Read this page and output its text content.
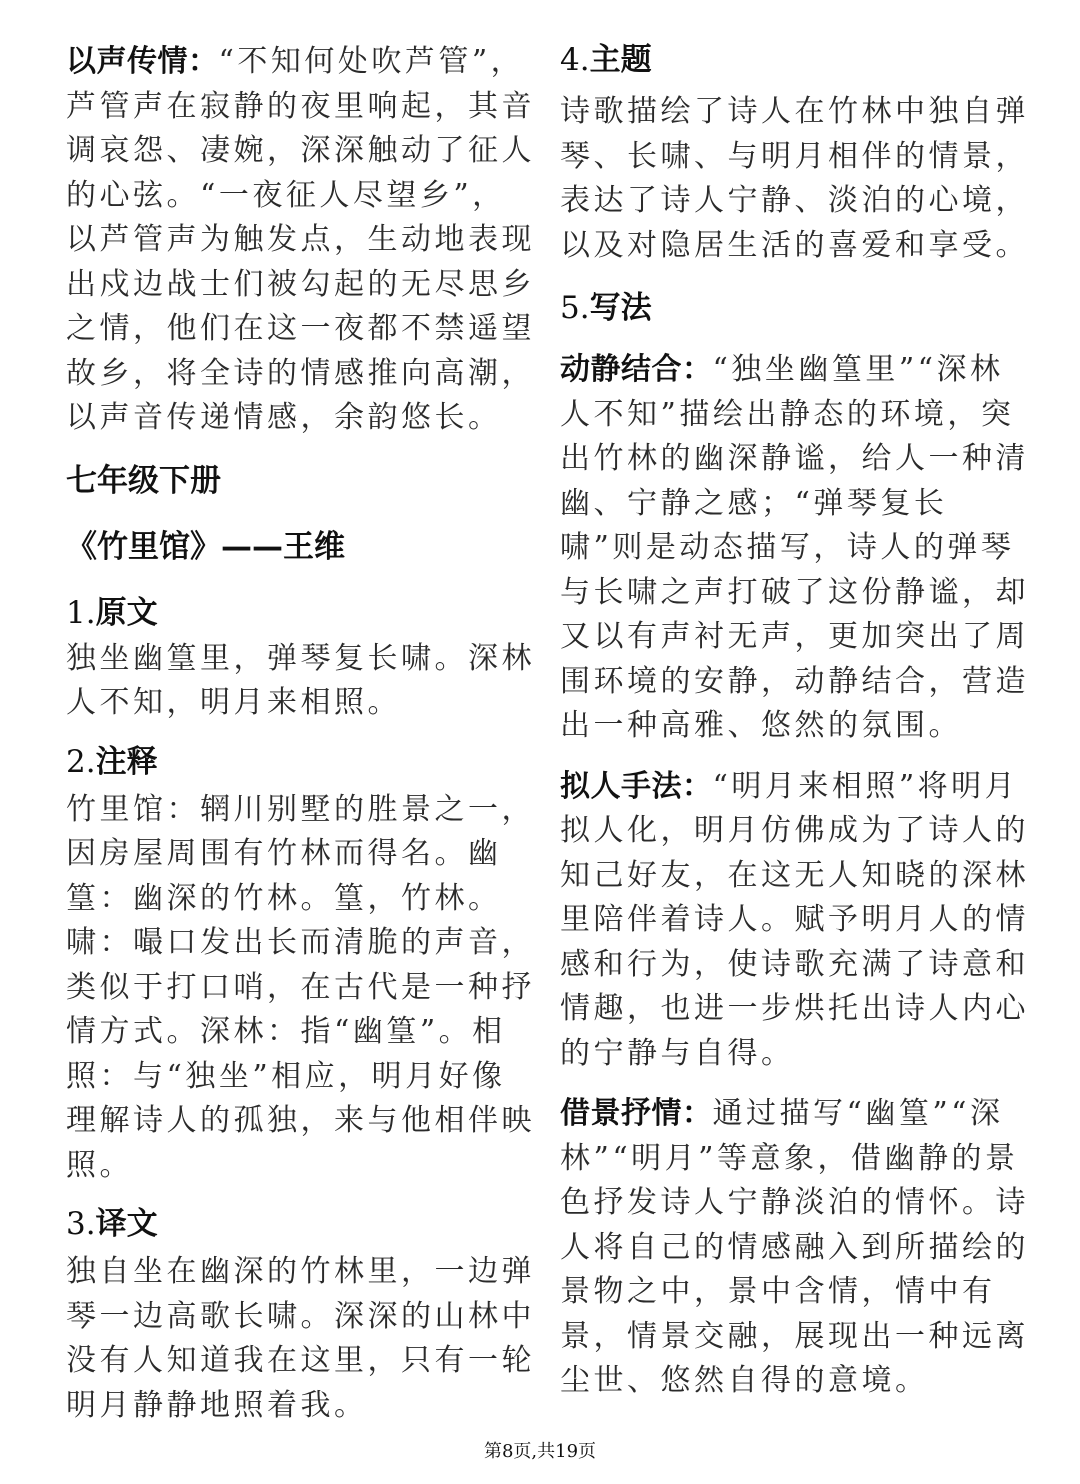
以声传情：“不知何处吹芦管”，芦管声在寂静的夜里响起，其音调哀怨、凄婉，深深触动了征人的心弦。“一夜征人尽望乡”，以芦管声为触发点，生动地表现出戍边战士们被勾起的无尽思乡之情，他们在这一夜都不禁遥望故乡，将全诗的情感推向高潮，以声音传递情感，余韵悠长。

七年级下册
《竹里馆》——王维
1.原文

独坐幽篁里，弹琴复长啸。深林人不知，明月来相照。

2.注释

竹里馆：辋川别墅的胜景之一，因房屋周围有竹林而得名。幽篁：幽深的竹林。篁，竹林。啸：嘬口发出长而清脆的声音，类似于打口哨，在古代是一种抒情方式。深林：指“幽篁”。相照：与“独坐”相应，明月好像理解诗人的孤独，来与他相伴映照。

3.译文

独自坐在幽深的竹林里，一边弹琴一边高歌长啸。深深的山林中没有人知道我在这里，只有一轮明月静静地照着我。

4.主题

诗歌描绘了诗人在竹林中独自弹琴、长啸、与明月相伴的情景，表达了诗人宁静、淡泊的心境，以及对隐居生活的喜爱和享受。

5.写法

动静结合：“独坐幽篁里”“深林人不知”描绘出静态的环境，突出竹林的幽深静谧，给人一种清幽、宁静之感；“弹琴复长啸”则是动态描写，诗人的弹琴与长啸之声打破了这份静谧，却又以有声衬无声，更加突出了周围环境的安静，动静结合，营造出一种高雅、悠然的氛围。

拟人手法：“明月来相照”将明月拟人化，明月仿佛成为了诗人的知己好友，在这无人知晓的深林里陪伴着诗人。赋予明月人的情感和行为，使诗歌充满了诗意和情趣，也进一步烘托出诗人内心的宁静与自得。

借景抒情：通过描写“幽篁”“深林”“明月”等意象，借幽静的景色抒发诗人宁静淡泊的情怀。诗人将自己的情感融入到所描绘的景物之中，景中含情，情中有景，情景交融，展现出一种远离尘世、悠然自得的意境。

第8页,共19页
